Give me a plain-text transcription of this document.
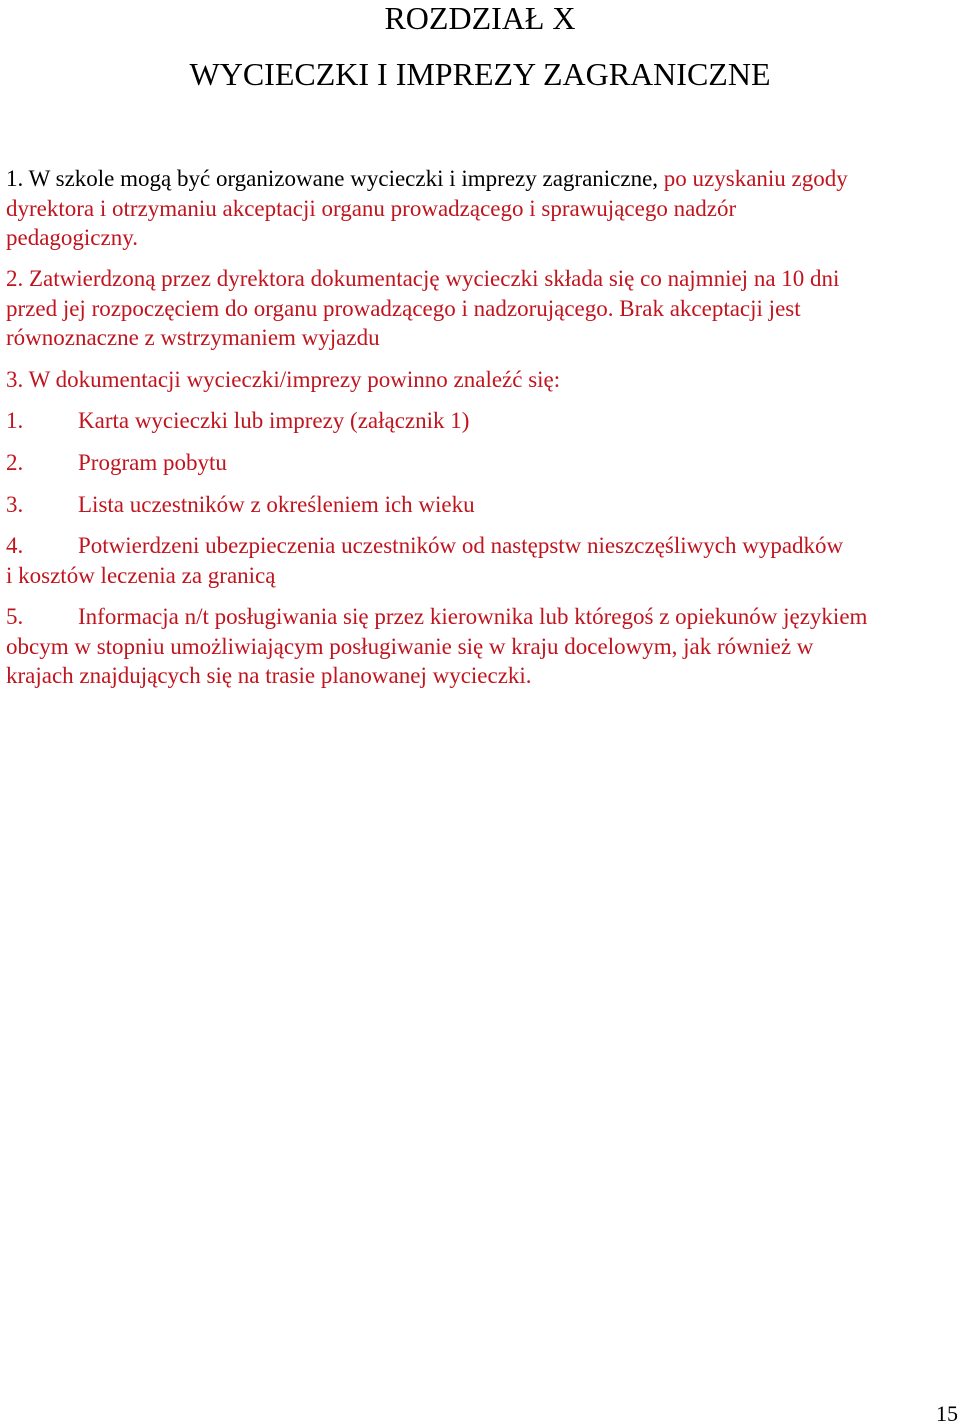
ROZDZIAŁ X
WYCIECZKI I IMPREZY ZAGRANICZNE
1. W szkole mogą być organizowane wycieczki i imprezy zagraniczne, po uzyskaniu zgody
dyrektora i otrzymaniu akceptacji organu prowadzącego i sprawującego nadzór
pedagogiczny.
2. Zatwierdzoną przez dyrektora dokumentację wycieczki składa się co najmniej na 10 dni
przed jej rozpoczęciem do organu prowadzącego i nadzorującego. Brak akceptacji jest
równoznaczne z wstrzymaniem wyjazdu
3. W dokumentacji wycieczki/imprezy powinno znaleźć się:
1. Karta wycieczki lub imprezy (załącznik 1)
2. Program pobytu
3. Lista uczestników z określeniem ich wieku
4. Potwierdzeni ubezpieczenia uczestników od następstw nieszczęśliwych wypadków
i kosztów leczenia za granicą
5. Informacja n/t posługiwania się przez kierownika lub któregoś z opiekunów językiem
obcym w stopniu umożliwiającym posługiwanie się w kraju docelowym, jak również w
krajach znajdujących się na trasie planowanej wycieczki.
15
